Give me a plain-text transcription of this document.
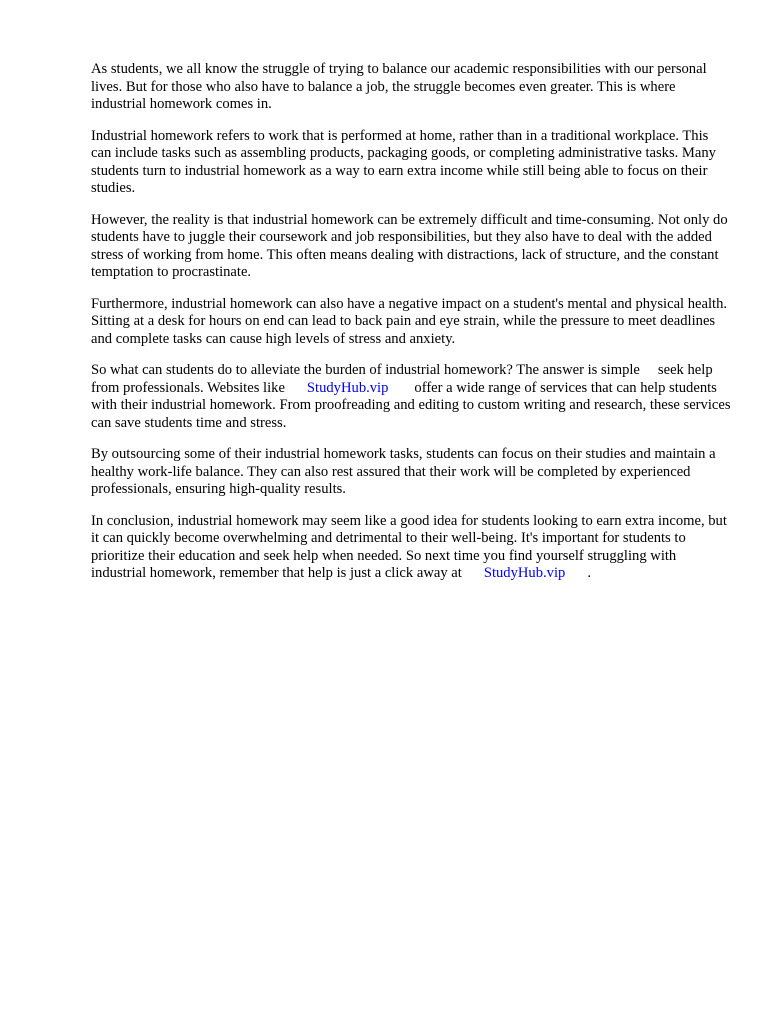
As students, we all know the struggle of trying to balance our academic responsibilities with our personal lives. But for those who also have to balance a job, the struggle becomes even greater. This is where industrial homework comes in.

Industrial homework refers to work that is performed at home, rather than in a traditional workplace. This can include tasks such as assembling products, packaging goods, or completing administrative tasks. Many students turn to industrial homework as a way to earn extra income while still being able to focus on their studies.

However, the reality is that industrial homework can be extremely difficult and time-consuming. Not only do students have to juggle their coursework and job responsibilities, but they also have to deal with the added stress of working from home. This often means dealing with distractions, lack of structure, and the constant temptation to procrastinate.

Furthermore, industrial homework can also have a negative impact on a student's mental and physical health. Sitting at a desk for hours on end can lead to back pain and eye strain, while the pressure to meet deadlines and complete tasks can cause high levels of stress and anxiety.

So what can students do to alleviate the burden of industrial homework? The answer is simple seek help from professionals. Websites like StudyHub.vip offer a wide range of services that can help students with their industrial homework. From proofreading and editing to custom writing and research, these services can save students time and stress.

By outsourcing some of their industrial homework tasks, students can focus on their studies and maintain a healthy work-life balance. They can also rest assured that their work will be completed by experienced professionals, ensuring high-quality results.

In conclusion, industrial homework may seem like a good idea for students looking to earn extra income, but it can quickly become overwhelming and detrimental to their well-being. It's important for students to prioritize their education and seek help when needed. So next time you find yourself struggling with industrial homework, remember that help is just a click away at StudyHub.vip .
